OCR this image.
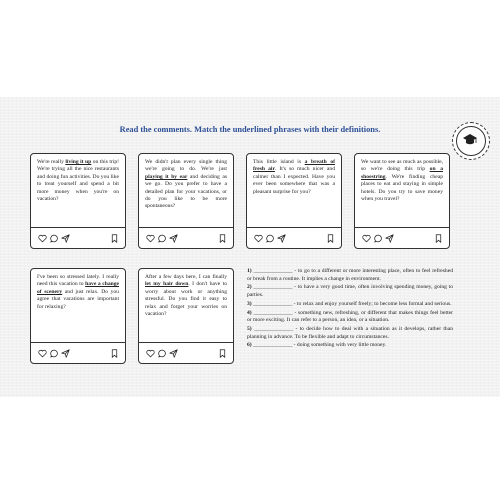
Read the comments. Match the underlined phrases with their definitions.
We're really living it up on this trip! We're trying all the nice restaurants and doing fun activities. Do you like to treat yourself and spend a bit more money when you're on vacation?
We didn't plan every single thing we're going to do. We're just playing it by ear and deciding as we go. Do you prefer to have a detailed plan for your vacations, or do you like to be more spontaneous?
This little island is a breath of fresh air. It's so much nicer and calmer than I expected. Have you ever been somewhere that was a pleasant surprise for you?
We want to see as much as possible, so we're doing this trip on a shoestring. We're finding cheap places to eat and staying in simple hotels. Do you try to save money when you travel?
I've been so stressed lately. I really need this vacation to have a change of scenery and just relax. Do you agree that vacations are important for relaxing?
After a few days here, I can finally let my hair down. I don't have to worry about work or anything stressful. Do you find it easy to relax and forget your worries on vacation?
1) ______________ - to go to a different or more interesting place, often to feel refreshed or break from a routine. It implies a change in environment.
2) ______________ - to have a very good time, often involving spending money, going to parties.
3) ______________ - to relax and enjoy yourself freely; to become less formal and serious.
4) ______________ - something new, refreshing, or different that makes things feel better or more exciting. It can refer to a person, an idea, or a situation.
5) ______________ - to decide how to deal with a situation as it develops, rather than planning in advance. To be flexible and adapt to circumstances.
6) ______________ - doing something with very little money.
